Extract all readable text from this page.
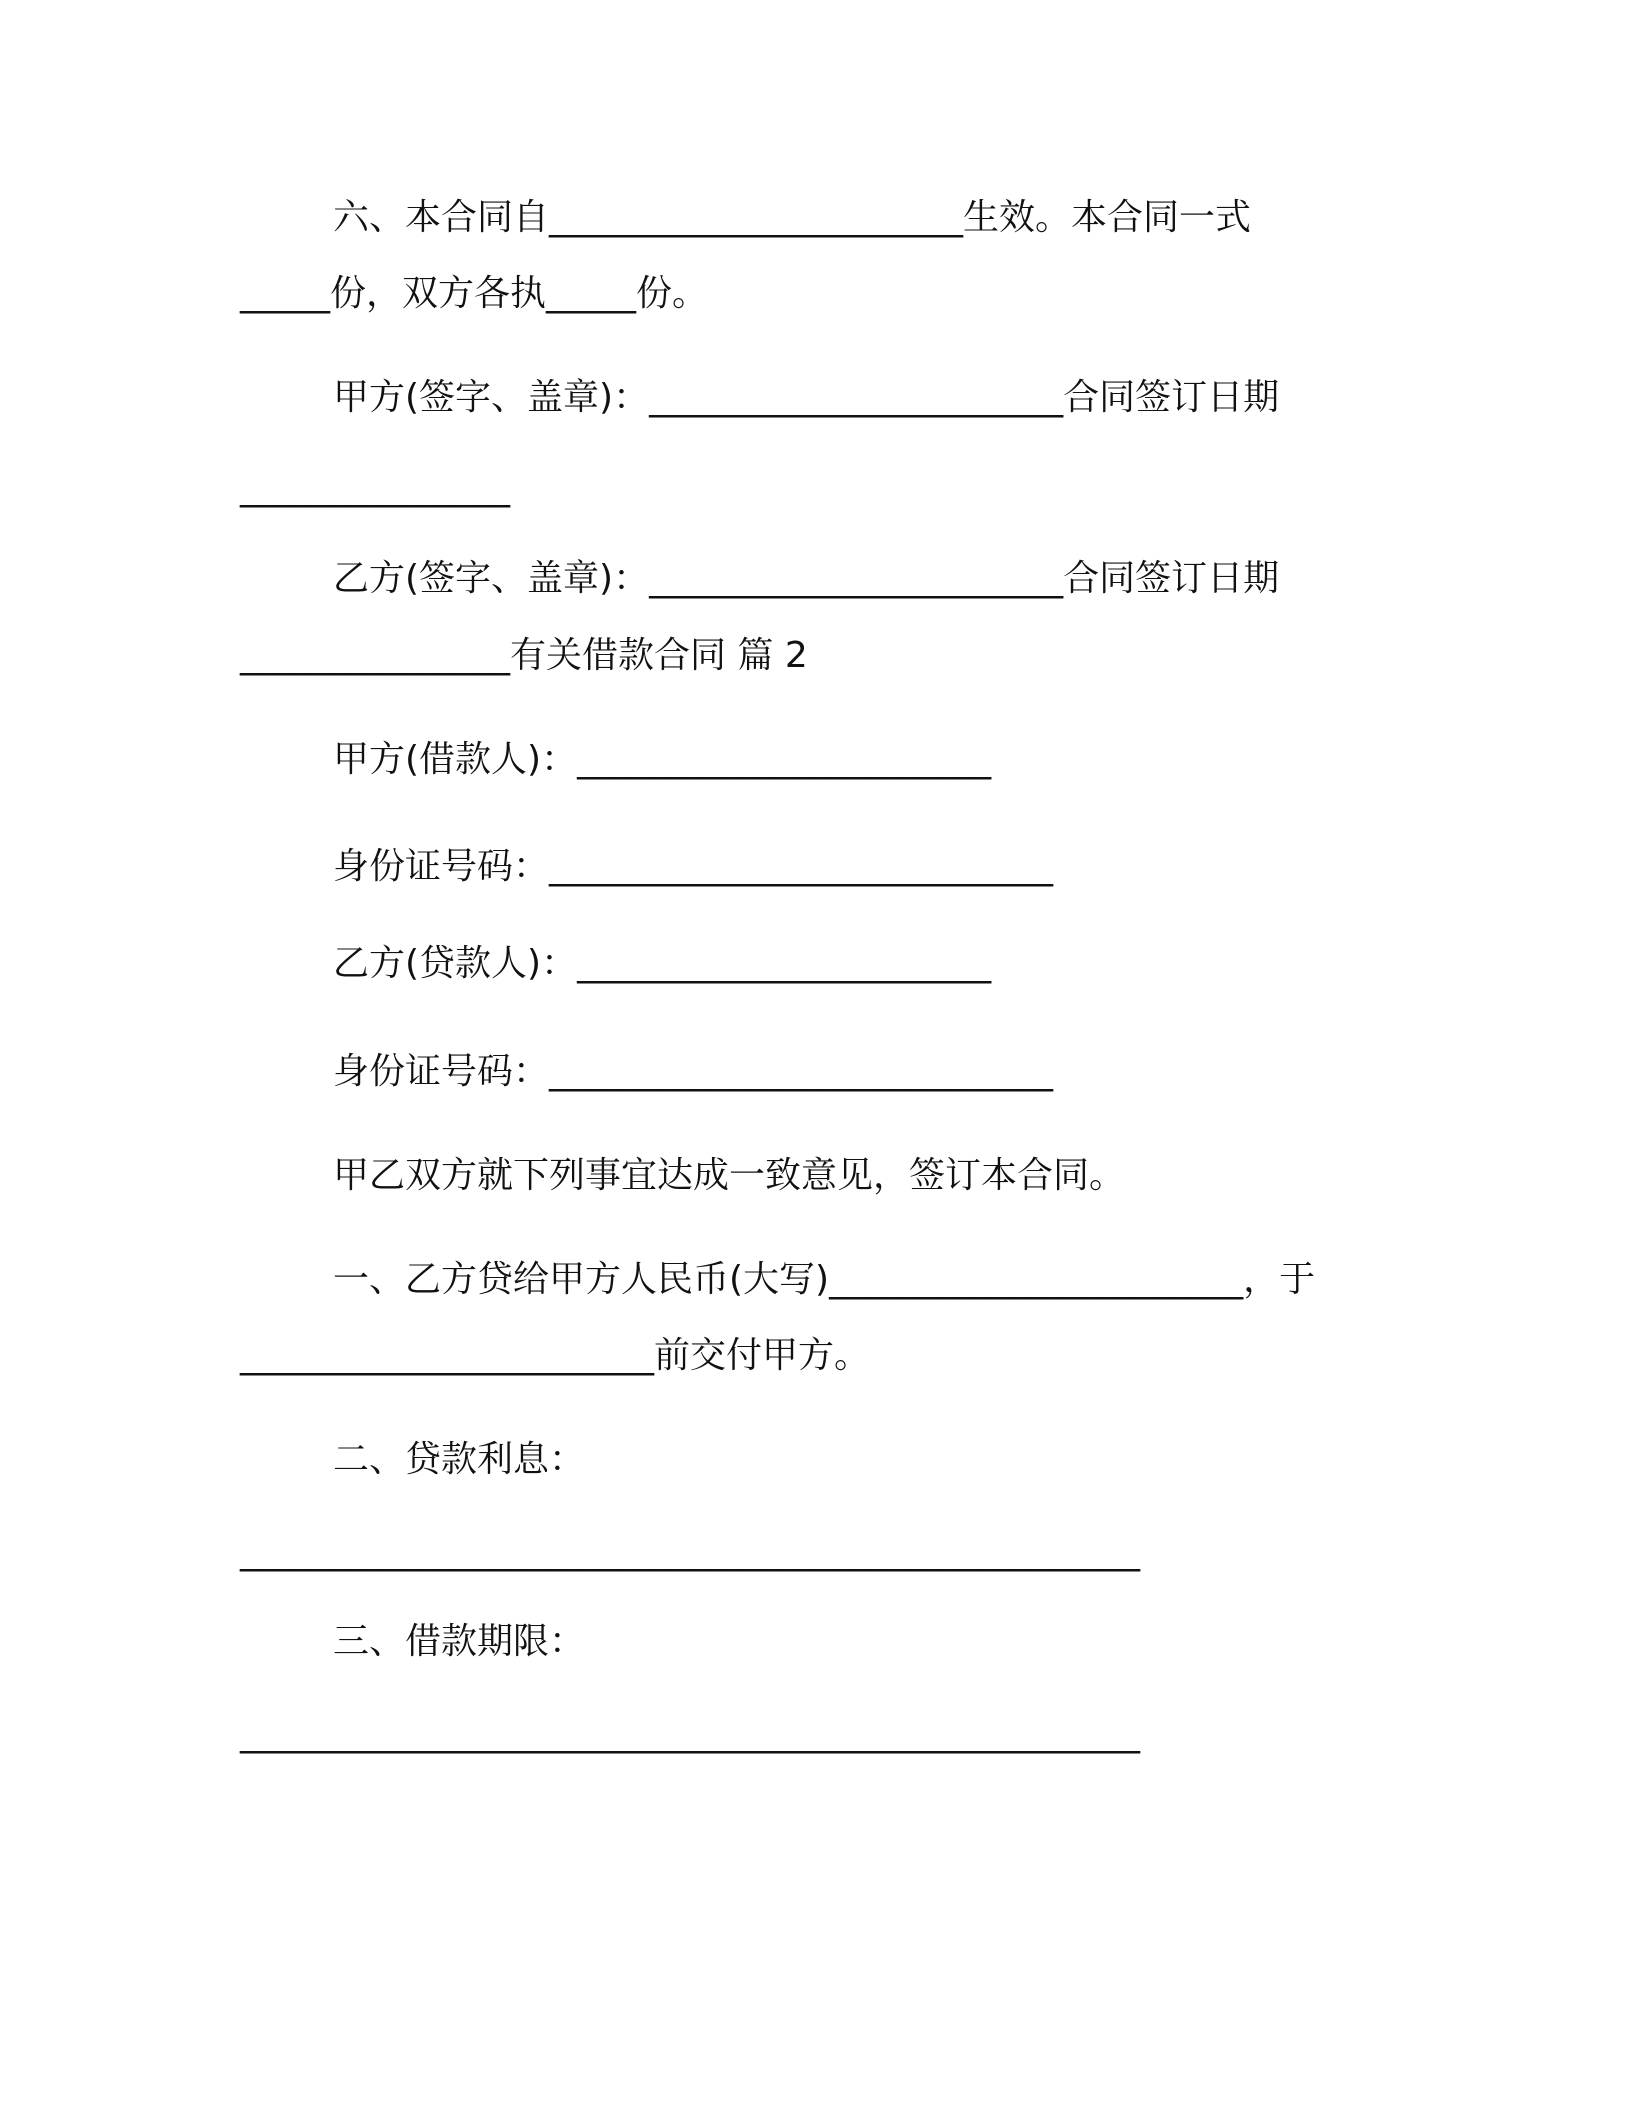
六、本合同自_______________________生效。本合同一式
_____份，双方各执_____份。
甲方(签字、盖章)：_______________________合同签订日期
_______________
乙方(签字、盖章)：_______________________合同签订日期
_______________有关借款合同 篇 2
甲方(借款人)：_______________________
身份证号码：____________________________
乙方(贷款人)：_______________________
身份证号码：____________________________
甲乙双方就下列事宜达成一致意见，签订本合同。
一、乙方贷给甲方人民币(大写)_______________________，于
_______________________前交付甲方。
二、贷款利息：
__________________________________________________
三、借款期限：
__________________________________________________
